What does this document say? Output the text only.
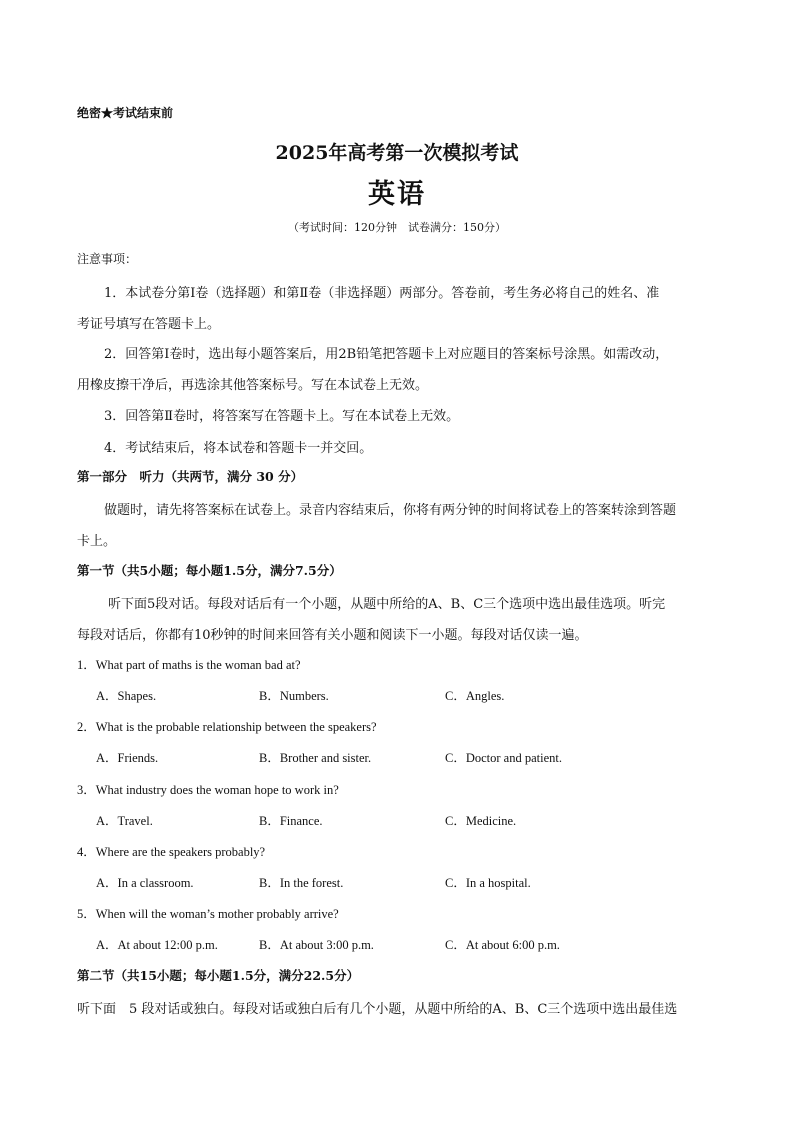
绝密★考试结束前
2025年高考第一次模拟考试
英语
（考试时间：120分钟　试卷满分：150分）
注意事项：
1．本试卷分第Ⅰ卷（选择题）和第Ⅱ卷（非选择题）两部分。答卷前，考生务必将自己的姓名、准
考证号填写在答题卡上。
2．回答第Ⅰ卷时，选出每小题答案后，用2B铅笔把答题卡上对应题目的答案标号涂黑。如需改动，
用橡皮擦干净后，再选涂其他答案标号。写在本试卷上无效。
3．回答第Ⅱ卷时，将答案写在答题卡上。写在本试卷上无效。
4．考试结束后，将本试卷和答题卡一并交回。
第一部分　听力（共两节，满分 30 分）
做题时，请先将答案标在试卷上。录音内容结束后，你将有两分钟的时间将试卷上的答案转涂到答题
卡上。
第一节（共5小题；每小题1.5分，满分7.5分）
听下面5段对话。每段对话后有一个小题，从题中所给的A、B、C三个选项中选出最佳选项。听完
每段对话后，你都有10秒钟的时间来回答有关小题和阅读下一小题。每段对话仅读一遍。
1．What part of maths is the woman bad at?
A．Shapes.	B．Numbers.	C．Angles.
2．What is the probable relationship between the speakers?
A．Friends.	B．Brother and sister.	C．Doctor and patient.
3．What industry does the woman hope to work in?
A．Travel.	B．Finance.	C．Medicine.
4．Where are the speakers probably?
A．In a classroom.	B．In the forest.	C．In a hospital.
5．When will the woman’s mother probably arrive?
A．At about 12:00 p.m.	B．At about 3:00 p.m.	C．At about 6:00 p.m.
第二节（共15小题；每小题1.5分，满分22.5分）
听下面　5 段对话或独白。每段对话或独白后有几个小题，从题中所给的A、B、C三个选项中选出最佳选
